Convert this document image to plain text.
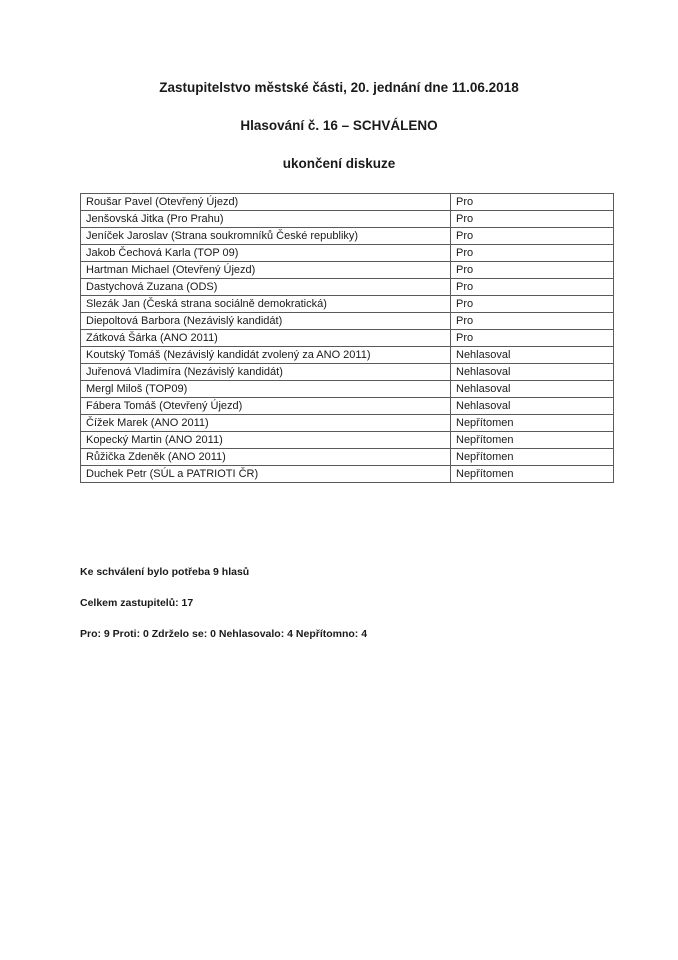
Zastupitelstvo městské části, 20. jednání dne 11.06.2018
Hlasování č. 16 – SCHVÁLENO
ukončení diskuze
Roušar Pavel (Otevřený Újezd)	Pro
Jenšovská Jitka (Pro Prahu)	Pro
Jeníček Jaroslav (Strana soukromníků České republiky)	Pro
Jakob Čechová Karla (TOP 09)	Pro
Hartman Michael (Otevřený Újezd)	Pro
Dastychová Zuzana (ODS)	Pro
Slezák Jan (Česká strana sociálně demokratická)	Pro
Diepoltová Barbora (Nezávislý kandidát)	Pro
Zátková Šárka (ANO 2011)	Pro
Koutský Tomáš (Nezávislý kandidát zvolený za ANO 2011)	Nehlasoval
Juřenová Vladimíra (Nezávislý kandidát)	Nehlasoval
Mergl Miloš (TOP09)	Nehlasoval
Fábera Tomáš (Otevřený Újezd)	Nehlasoval
Čížek Marek (ANO 2011)	Nepřítomen
Kopecký Martin (ANO 2011)	Nepřítomen
Růžička Zdeněk (ANO 2011)	Nepřítomen
Duchek Petr (SÚL a PATRIOTI ČR)	Nepřítomen
Ke schválení bylo potřeba 9 hlasů
Celkem zastupitelů: 17
Pro: 9 Proti: 0 Zdrželo se: 0 Nehlasovalo: 4 Nepřítomno: 4
